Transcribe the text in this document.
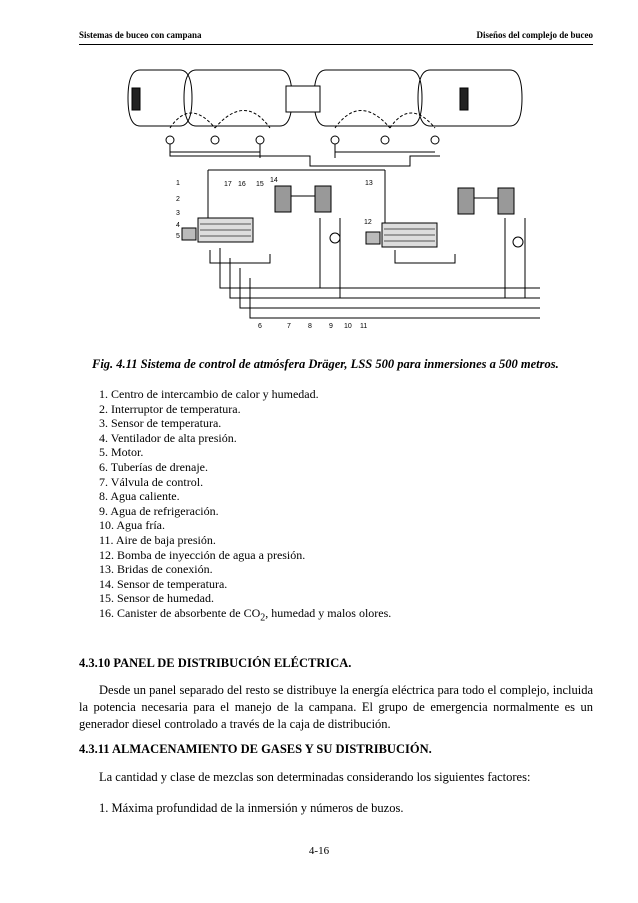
Sistemas de buceo con campana	Diseños del complejo de buceo
1
2
3
4
5
17 16 15
14	13
12
6	7 8 9 10 11
Fig. 4.11 Sistema de control de atmósfera Dräger, LSS 500 para inmersiones a 500 metros.
1. Centro de intercambio de calor y humedad.
2. Interruptor de temperatura.
3. Sensor de temperatura.
4. Ventilador de alta presión.
5. Motor.
6. Tuberías de drenaje.
7. Válvula de control.
8. Agua caliente.
9. Agua de refrigeración.
10. Agua fría.
11. Aire de baja presión.
12. Bomba de inyección de agua a presión.
13. Bridas de conexión.
14. Sensor de temperatura.
15. Sensor de humedad.
16. Canister de absorbente de $CO_2$, humedad y malos olores.
4.3.10 PANEL DE DISTRIBUCIÓN ELÉCTRICA.
Desde un panel separado del resto se distribuye la energía eléctrica para todo el complejo, incluida la potencia necesaria para el manejo de la campana. El grupo de emergencia normalmente es un generador diesel controlado a través de la caja de distribución.
4.3.11 ALMACENAMIENTO DE GASES Y SU DISTRIBUCIÓN.
La cantidad y clase de mezclas son determinadas considerando los siguientes factores:
1. Máxima profundidad de la inmersión y números de buzos.
4-16
